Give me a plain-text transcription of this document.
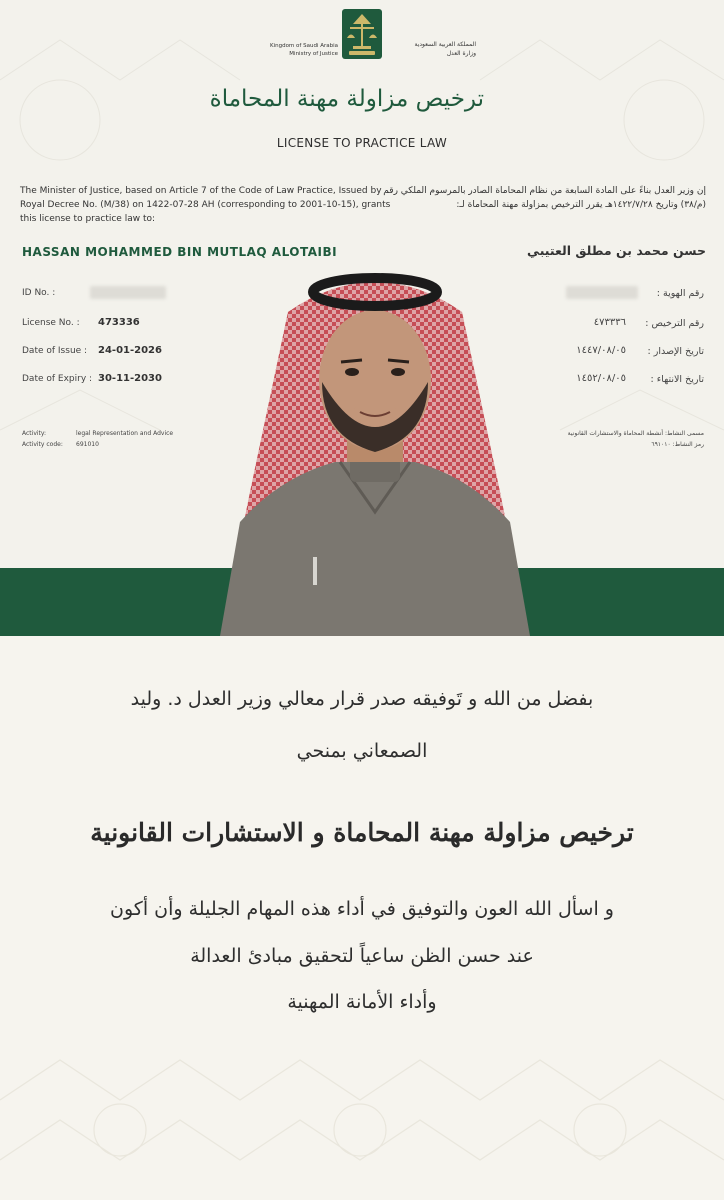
Kingdom of Saudi Arabia
Ministry of Justice
المملكة العربية السعودية
وزارة العدل
ترخيص مزاولة مهنة المحاماة
LICENSE TO PRACTICE LAW
The Minister of Justice, based on Article 7 of the Code of Law Practice, Issued by Royal Decree No. (M/38) on 1422-07-28 AH (corresponding to 2001-10-15), grants this license to practice law to:
إن وزير العدل بناءً على المادة السابعة من نظام المحاماة الصادر بالمرسوم الملكي رقم (م/٣٨) وتاريخ ١٤٢٢/٧/٢٨هـ يقرر الترخيص بمزاولة مهنة المحاماة لـ:
HASSAN MOHAMMED BIN MUTLAQ ALOTAIBI	حسن محمد بن مطلق العتيبي
ID No. :
License No. : 473336
Date of Issue : 24-01-2026
Date of Expiry : 30-11-2030
رقم الهوية :
رقم الترخيص :
٤٧٣٣٣٦
تاريخ الإصدار :
١٤٤٧/٠٨/٠٥
تاريخ الانتهاء :
١٤٥٢/٠٨/٠٥
Activity:	legal Representation and Advice
Activity code: 691010
مسمى النشاط: أنشطة المحاماة والاستشارات القانونية
رمز النشاط: ٦٩١٠١٠
بفضل من الله و تَوفيقه صدر قرار معالي وزير العدل د. وليد
الصمعاني بمنحي
ترخيص مزاولة مهنة المحاماة و الاستشارات القانونية
و اسأل الله العون والتوفيق في أداء هذه المهام الجليلة وأن أكون
عند حسن الظن ساعياً لتحقيق مبادئ العدالة
وأداء الأمانة المهنية
